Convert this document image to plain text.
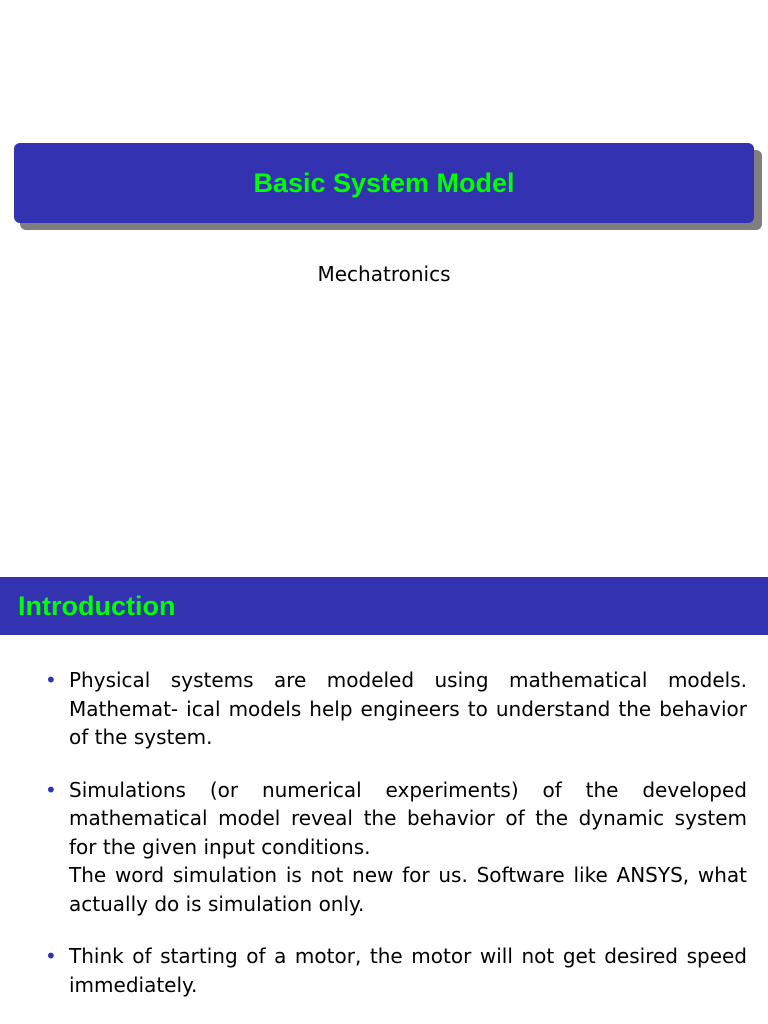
Basic System Model
Mechatronics
Introduction
• Physical systems are modeled using mathematical models. Mathemat- ical models help engineers to understand the behavior of the system.
• Simulations (or numerical experiments) of the developed mathematical model reveal the behavior of the dynamic system for the given input conditions.
The word simulation is not new for us. Software like ANSYS, what actually do is simulation only.
• Think of starting of a motor, the motor will not get desired speed immediately.
